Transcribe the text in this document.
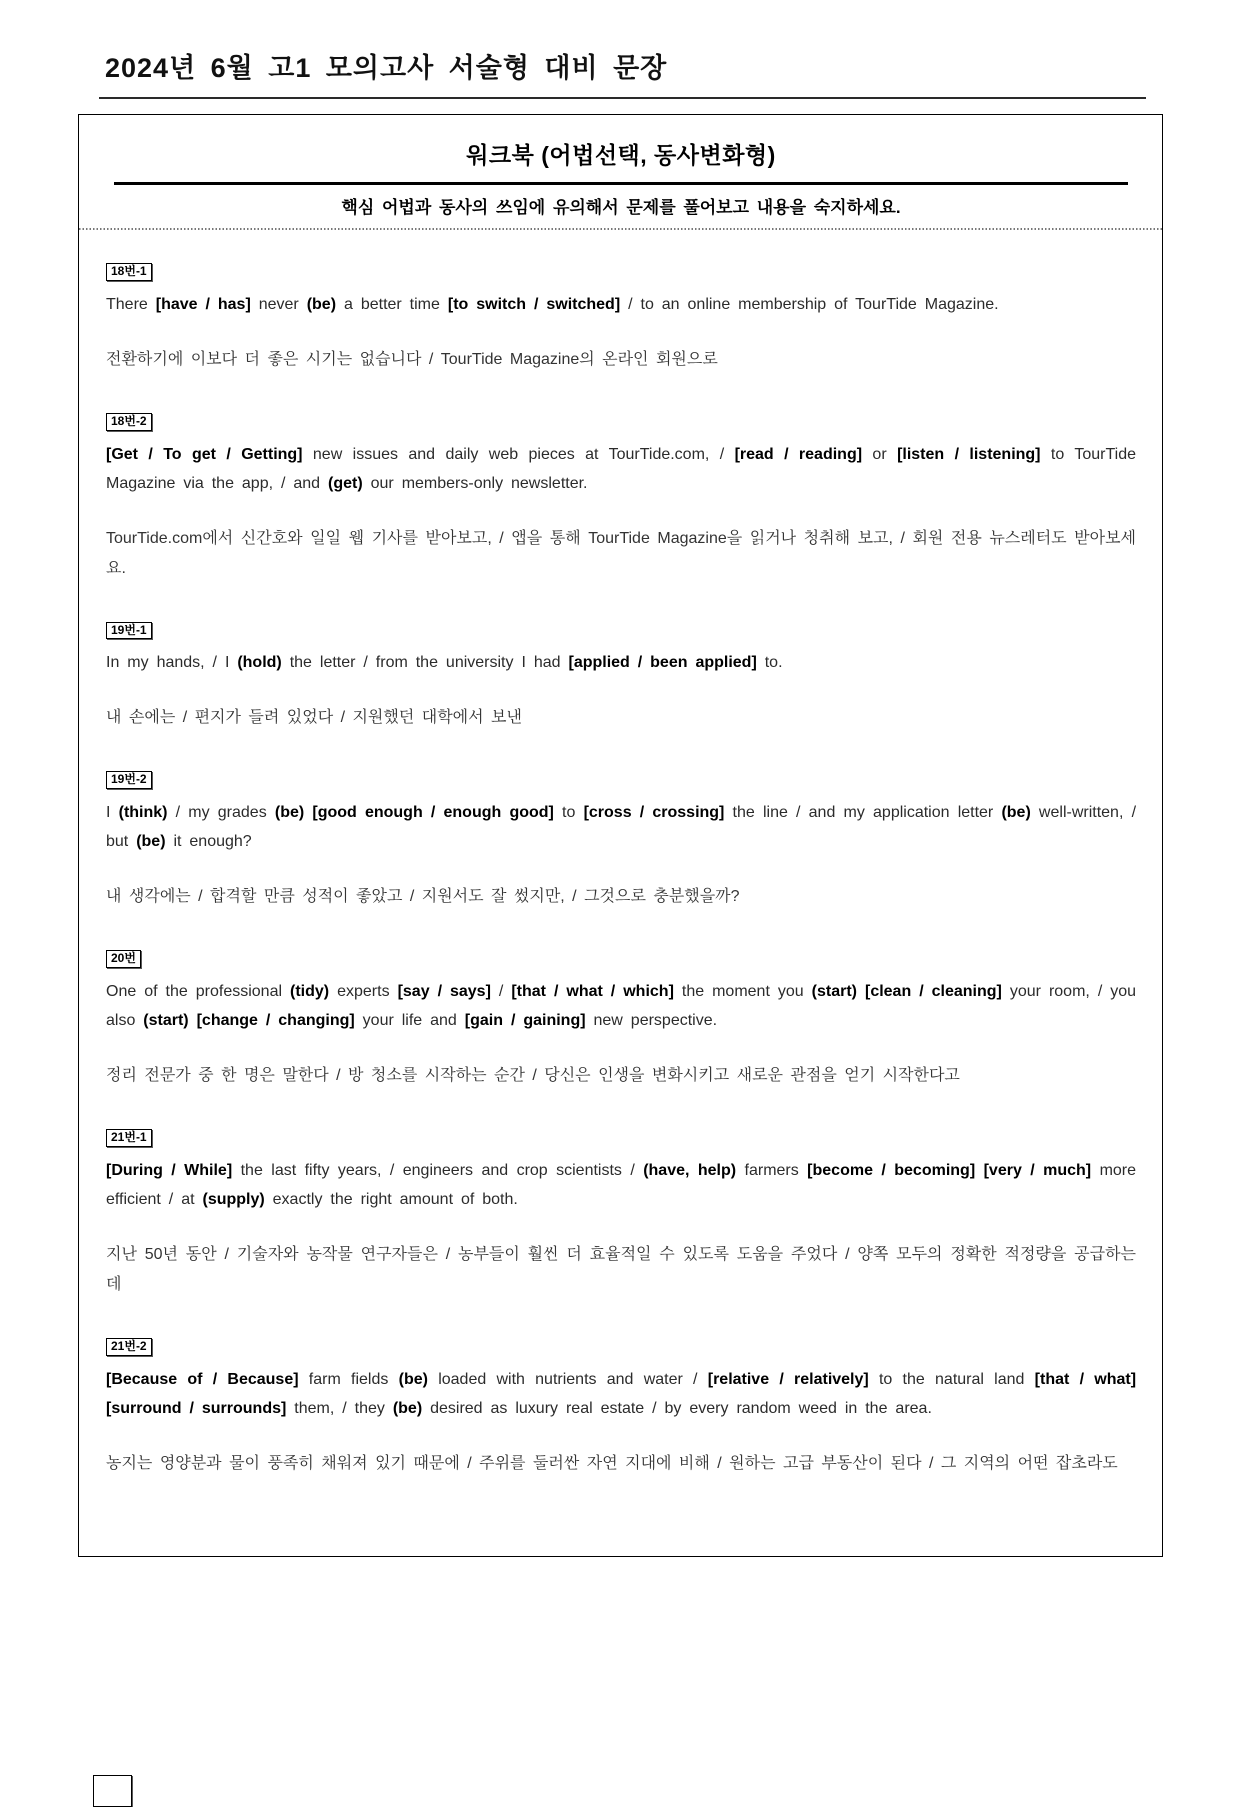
2024년 6월 고1 모의고사 서술형 대비 문장
워크북 (어법선택, 동사변화형)
핵심 어법과 동사의 쓰임에 유의해서 문제를 풀어보고 내용을 숙지하세요.
18번-1

There [have / has] never (be) a better time [to switch / switched] / to an online membership of TourTide Magazine.

전환하기에 이보다 더 좋은 시기는 없습니다 / TourTide Magazine의 온라인 회원으로

18번-2

[Get / To get / Getting] new issues and daily web pieces at TourTide.com, / [read / reading] or [listen / listening] to TourTide Magazine via the app, / and (get) our members-only newsletter.

TourTide.com에서 신간호와 일일 웹 기사를 받아보고, / 앱을 통해 TourTide Magazine을 읽거나 청취해 보고, / 회원 전용 뉴스레터도 받아보세요.

19번-1

In my hands, / I (hold) the letter / from the university I had [applied / been applied] to.

내 손에는 / 편지가 들려 있었다 / 지원했던 대학에서 보낸

19번-2

I (think) / my grades (be) [good enough / enough good] to [cross / crossing] the line / and my application letter (be) well-written, / but (be) it enough?

내 생각에는 / 합격할 만큼 성적이 좋았고 / 지원서도 잘 썼지만, / 그것으로 충분했을까?

20번

One of the professional (tidy) experts [say / says] / [that / what / which] the moment you (start) [clean / cleaning] your room, / you also (start) [change / changing] your life and [gain / gaining] new perspective.

정리 전문가 중 한 명은 말한다 / 방 청소를 시작하는 순간 / 당신은 인생을 변화시키고 새로운 관점을 얻기 시작한다고

21번-1

[During / While] the last fifty years, / engineers and crop scientists / (have, help) farmers [become / becoming] [very / much] more efficient / at (supply) exactly the right amount of both.

지난 50년 동안 / 기술자와 농작물 연구자들은 / 농부들이 훨씬 더 효율적일 수 있도록 도움을 주었다 / 양쪽 모두의 정확한 적정량을 공급하는 데

21번-2

[Because of / Because] farm fields (be) loaded with nutrients and water / [relative / relatively] to the natural land [that / what] [surround / surrounds] them, / they (be) desired as luxury real estate / by every random weed in the area.

농지는 영양분과 물이 풍족히 채워져 있기 때문에 / 주위를 둘러싼 자연 지대에 비해 / 원하는 고급 부동산이 된다 / 그 지역의 어떤 잡초라도
